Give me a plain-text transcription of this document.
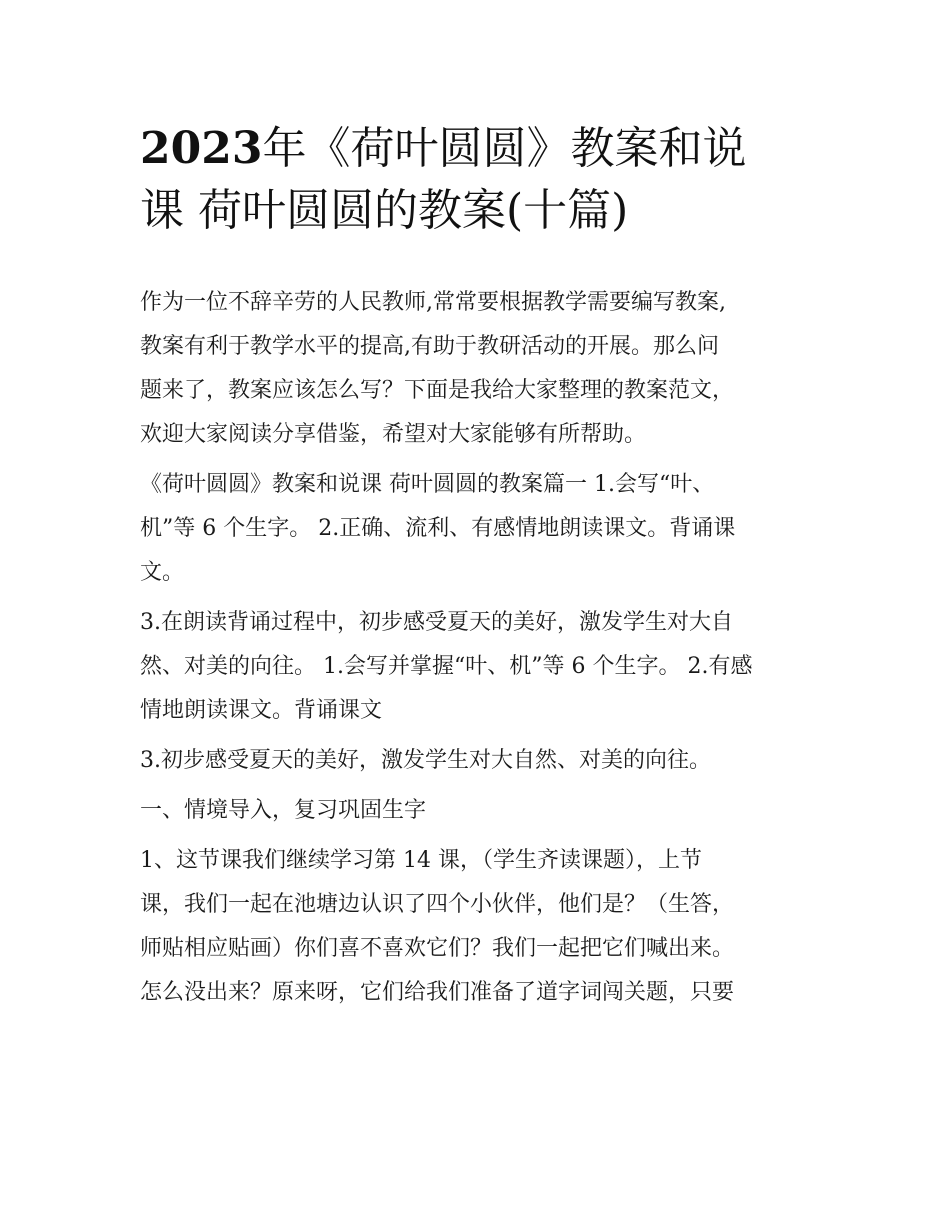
2023年《荷叶圆圆》教案和说
课 荷叶圆圆的教案(十篇)

作为一位不辞辛劳的人民教师,常常要根据教学需要编写教案,
教案有利于教学水平的提高,有助于教研活动的开展。那么问
题来了，教案应该怎么写？下面是我给大家整理的教案范文，
欢迎大家阅读分享借鉴，希望对大家能够有所帮助。

《荷叶圆圆》教案和说课 荷叶圆圆的教案篇一 1.会写“叶、
机”等 6 个生字。 2.正确、流利、有感情地朗读课文。背诵课
文。

3.在朗读背诵过程中，初步感受夏天的美好，激发学生对大自
然、对美的向往。 1.会写并掌握“叶、机”等 6 个生字。 2.有感
情地朗读课文。背诵课文

3.初步感受夏天的美好，激发学生对大自然、对美的向往。

一、情境导入，复习巩固生字

1、这节课我们继续学习第 14 课，（学生齐读课题），上节
课，我们一起在池塘边认识了四个小伙伴，他们是？（生答，
师贴相应贴画）你们喜不喜欢它们？我们一起把它们喊出来。
怎么没出来？原来呀，它们给我们准备了道字词闯关题，只要
